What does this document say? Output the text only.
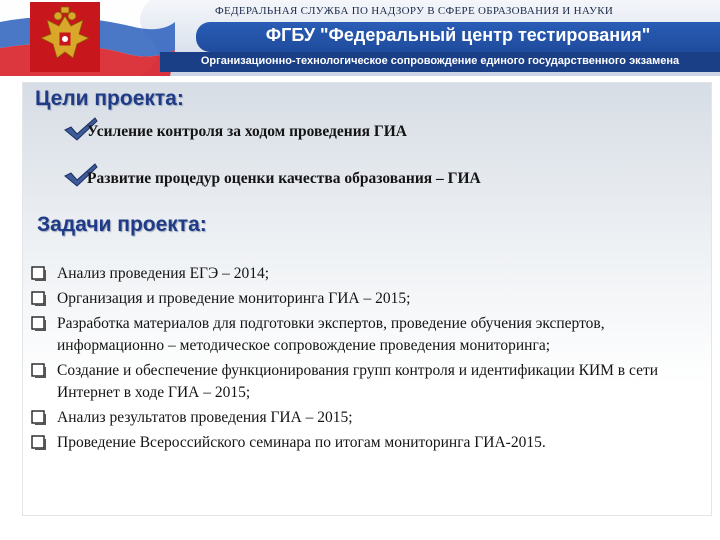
ФЕДЕРАЛЬНАЯ СЛУЖБА ПО НАДЗОРУ В СФЕРЕ ОБРАЗОВАНИЯ И НАУКИ
ФГБУ "Федеральный центр тестирования"
Организационно-технологическое сопровождение единого государственного экзамена
Цели проекта:
Усиление контроля за ходом проведения ГИА
Развитие процедур оценки качества образования – ГИА
Задачи проекта:
Анализ проведения ЕГЭ – 2014;
Организация и проведение мониторинга ГИА – 2015;
Разработка материалов для подготовки экспертов, проведение обучения экспертов, информационно – методическое сопровождение проведения мониторинга;
Создание и обеспечение функционирования групп контроля и идентификации КИМ в сети Интернет в ходе ГИА – 2015;
Анализ результатов проведения ГИА – 2015;
Проведение Всероссийского семинара по итогам мониторинга ГИА-2015.
